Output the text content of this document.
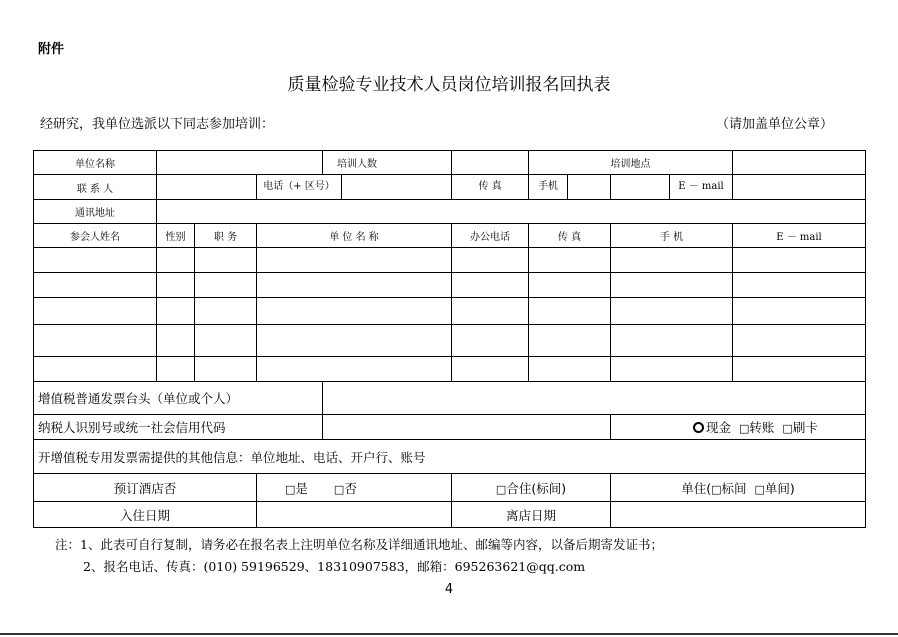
附件
质量检验专业技术人员岗位培训报名回执表
经研究，我单位选派以下同志参加培训：	（请加盖单位公章）
单位名称				培训人数		培训地点		
联 系 人			电话（+ 区号）		传 真	手机	E － mail	

通讯地址								
参会人姓名	性别	职 务	单 位 名 称		办公电话	传 真	手 机	E － mail

增值税普通发票台头（单位或个人）								
纳税人识别号或统一社会信用代码							现金 □转账 □刷卡	
开增值税专用发票需提供的其他信息：单位地址、电话、开户行、账号								
预订酒店否			□是 □否		□合住(标间)		单住(□标间 □单间)	
入住日期					离店日期			
注：1、此表可自行复制，请务必在报名表上注明单位名称及详细通讯地址、邮编等内容，以备后期寄发证书；
2、报名电话、传真：(010) 59196529、18310907583，邮箱：695263621@qq.com
4
